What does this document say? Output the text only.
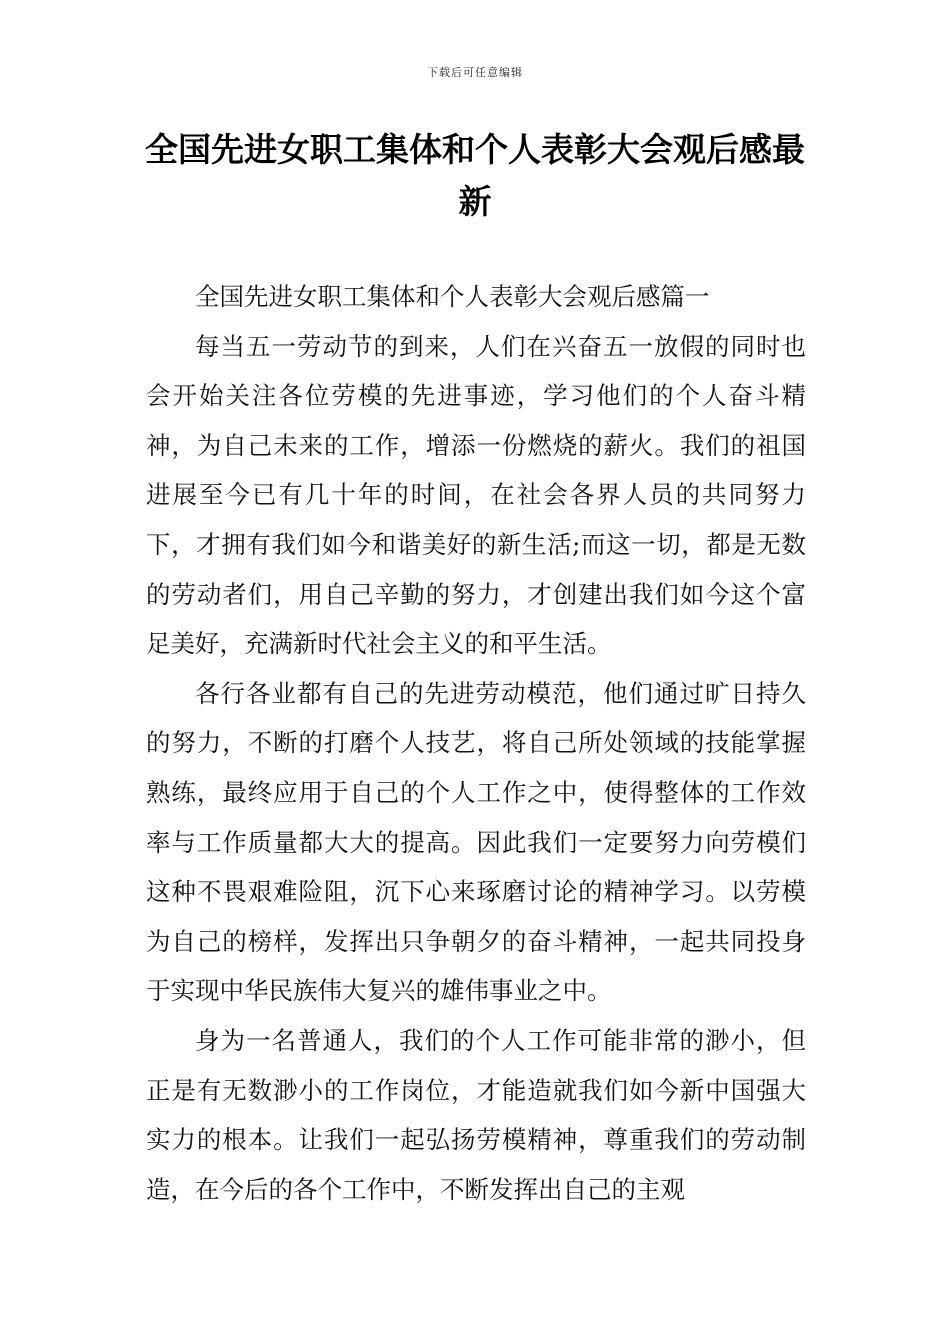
下载后可任意编辑
全国先进女职工集体和个人表彰大会观后感最新

全国先进女职工集体和个人表彰大会观后感篇一

每当五一劳动节的到来，人们在兴奋五一放假的同时也会开始关注各位劳模的先进事迹，学习他们的个人奋斗精神，为自己未来的工作，增添一份燃烧的薪火。我们的祖国进展至今已有几十年的时间，在社会各界人员的共同努力下，才拥有我们如今和谐美好的新生活;而这一切，都是无数的劳动者们，用自己辛勤的努力，才创建出我们如今这个富足美好，充满新时代社会主义的和平生活。

各行各业都有自己的先进劳动模范，他们通过旷日持久的努力，不断的打磨个人技艺，将自己所处领域的技能掌握熟练，最终应用于自己的个人工作之中，使得整体的工作效率与工作质量都大大的提高。因此我们一定要努力向劳模们这种不畏艰难险阻，沉下心来琢磨讨论的精神学习。以劳模为自己的榜样，发挥出只争朝夕的奋斗精神，一起共同投身于实现中华民族伟大复兴的雄伟事业之中。

身为一名普通人，我们的个人工作可能非常的渺小，但正是有无数渺小的工作岗位，才能造就我们如今新中国强大实力的根本。让我们一起弘扬劳模精神，尊重我们的劳动制造，在今后的各个工作中，不断发挥出自己的主观
